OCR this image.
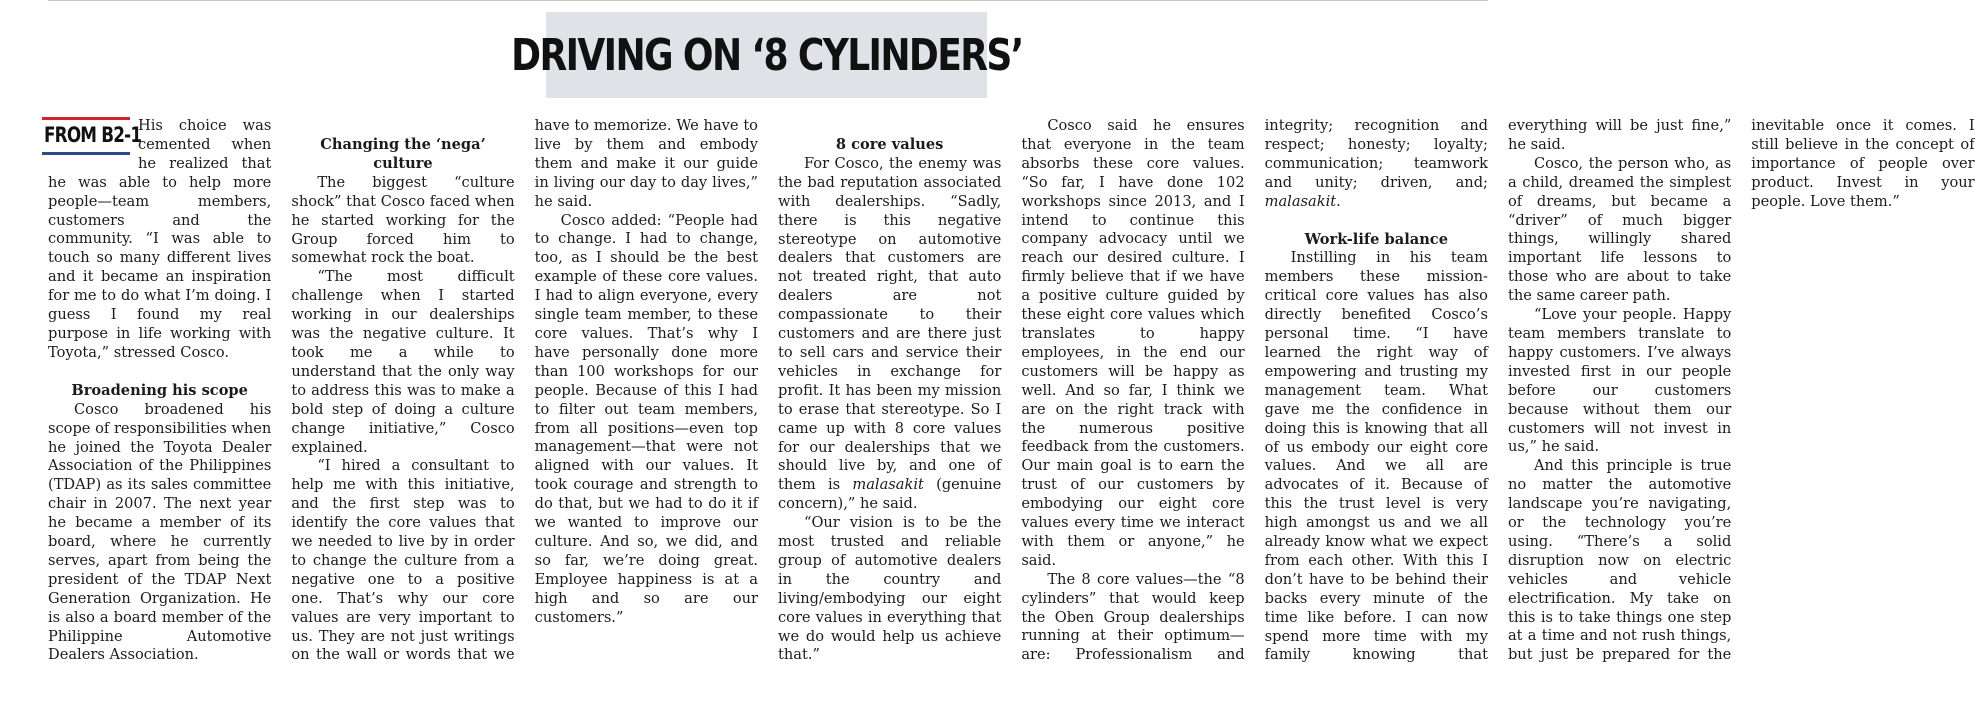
DRIVING ON ‘8 CYLINDERS’
FROM B2-1

His choice was cemented when he realized that he was able to help more people—team members, customers and the community. “I was able to touch so many different lives and it became an inspiration for me to do what I’m doing. I guess I found my real purpose in life working with Toyota,” stressed Cosco.

Broadening his scope

Cosco broadened his scope of responsibilities when he joined the Toyota Dealer Association of the Philippines (TDAP) as its sales committee chair in 2007. The next year he became a member of its board, where he currently serves, apart from being the president of the TDAP Next Generation Organization. He is also a board member of the Philippine Automotive Dealers Association.

Changing the ‘nega’ culture

The biggest “culture shock” that Cosco faced when he started working for the Group forced him to somewhat rock the boat.

“The most difficult challenge when I started working in our dealerships was the negative culture. It took me a while to understand that the only way to address this was to make a bold step of doing a culture change initiative,” Cosco explained.

“I hired a consultant to help me with this initiative, and the first step was to identify the core values that we needed to live by in order to change the culture from a negative one to a positive one. That’s why our core values are very important to us. They are not just writings on the wall or words that we have to memorize. We have to live by them and embody them and make it our guide in living our day to day lives,” he said.

Cosco added: “People had to change. I had to change, too, as I should be the best example of these core values. I had to align everyone, every single team member, to these core values. That’s why I have personally done more than 100 workshops for our people. Because of this I had to filter out team members, from all positions—even top management—that were not aligned with our values. It took courage and strength to do that, but we had to do it if we wanted to improve our culture. And so, we did, and so far, we’re doing great. Employee happiness is at a high and so are our customers.”

8 core values

For Cosco, the enemy was the bad reputation associated with dealerships. “Sadly, there is this negative stereotype on automotive dealers that customers are not treated right, that auto dealers are not compassionate to their customers and are there just to sell cars and service their vehicles in exchange for profit. It has been my mission to erase that stereotype. So I came up with 8 core values for our dealerships that we should live by, and one of them is malasakit (genuine concern),” he said.

“Our vision is to be the most trusted and reliable group of automotive dealers in the country and living/embodying our eight core values in everything that we do would help us achieve that.”

Cosco said he ensures that everyone in the team absorbs these core values. “So far, I have done 102 workshops since 2013, and I intend to continue this company advocacy until we reach our desired culture. I firmly believe that if we have a positive culture guided by these eight core values which translates to happy employees, in the end our customers will be happy as well. And so far, I think we are on the right track with the numerous positive feedback from the customers. Our main goal is to earn the trust of our customers by embodying our eight core values every time we interact with them or anyone,” he said.

The 8 core values—the “8 cylinders” that would keep the Oben Group dealerships running at their optimum—are: Professionalism and integrity; recognition and respect; honesty; loyalty; communication; teamwork and unity; driven, and; malasakit.

Work-life balance

Instilling in his team members these mission-critical core values has also directly benefited Cosco’s personal time. “I have learned the right way of empowering and trusting my management team. What gave me the confidence in doing this is knowing that all of us embody our eight core values. And we all are advocates of it. Because of this the trust level is very high amongst us and we all already know what we expect from each other. With this I don’t have to be behind their backs every minute of the time like before. I can now spend more time with my family knowing that everything will be just fine,” he said.

Cosco, the person who, as a child, dreamed the simplest of dreams, but became a “driver” of much bigger things, willingly shared important life lessons to those who are about to take the same career path.

“Love your people. Happy team members translate to happy customers. I’ve always invested first in our people before our customers because without them our customers will not invest in us,” he said.

And this principle is true no matter the automotive landscape you’re navigating, or the technology you’re using. “There’s a solid disruption now on electric vehicles and vehicle electrification. My take on this is to take things one step at a time and not rush things, but just be prepared for the inevitable once it comes. I still believe in the concept of importance of people over product. Invest in your people. Love them.”
